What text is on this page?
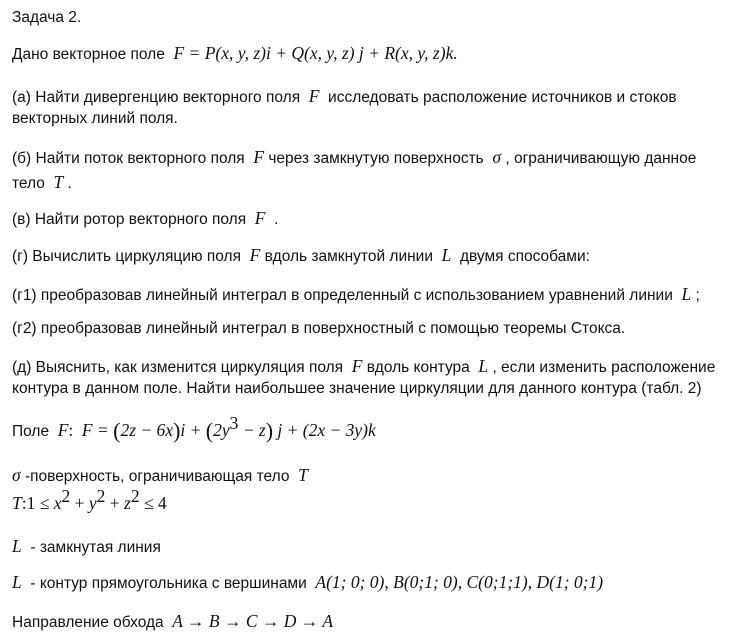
Задача 2.
Дано векторное поле F = P(x, y, z)i + Q(x, y, z) j + R(x, y, z)k.
(а) Найти дивергенцию векторного поля F исследовать расположение источников и стоков
векторных линий поля.
(б) Найти поток векторного поля F через замкнутую поверхность σ , ограничивающую данное
тело T .
(в) Найти ротор векторного поля F .
(г) Вычислить циркуляцию поля F вдоль замкнутой линии L двумя способами:
(г1) преобразовав линейный интеграл в определенный с использованием уравнений линии L ;
(г2) преобразовав линейный интеграл в поверхностный с помощью теоремы Стокса.
(д) Выяснить, как изменится циркуляция поля F вдоль контура L , если изменить расположение
контура в данном поле. Найти наибольшее значение циркуляции для данного контура (табл. 2)
Поле F: $F = (2z - 6x)i + (2y^3 - z) j + (2x - 3y)k$
σ -поверхность, ограничивающая тело T
T:1 ≤ $x^2 + y^2 + z^2 \le 4$
L - замкнутая линия
L - контур прямоугольника с вершинами A(1; 0; 0), B(0;1; 0), C(0;1;1), D(1; 0;1)
Направление обхода A → B → C → D → A
